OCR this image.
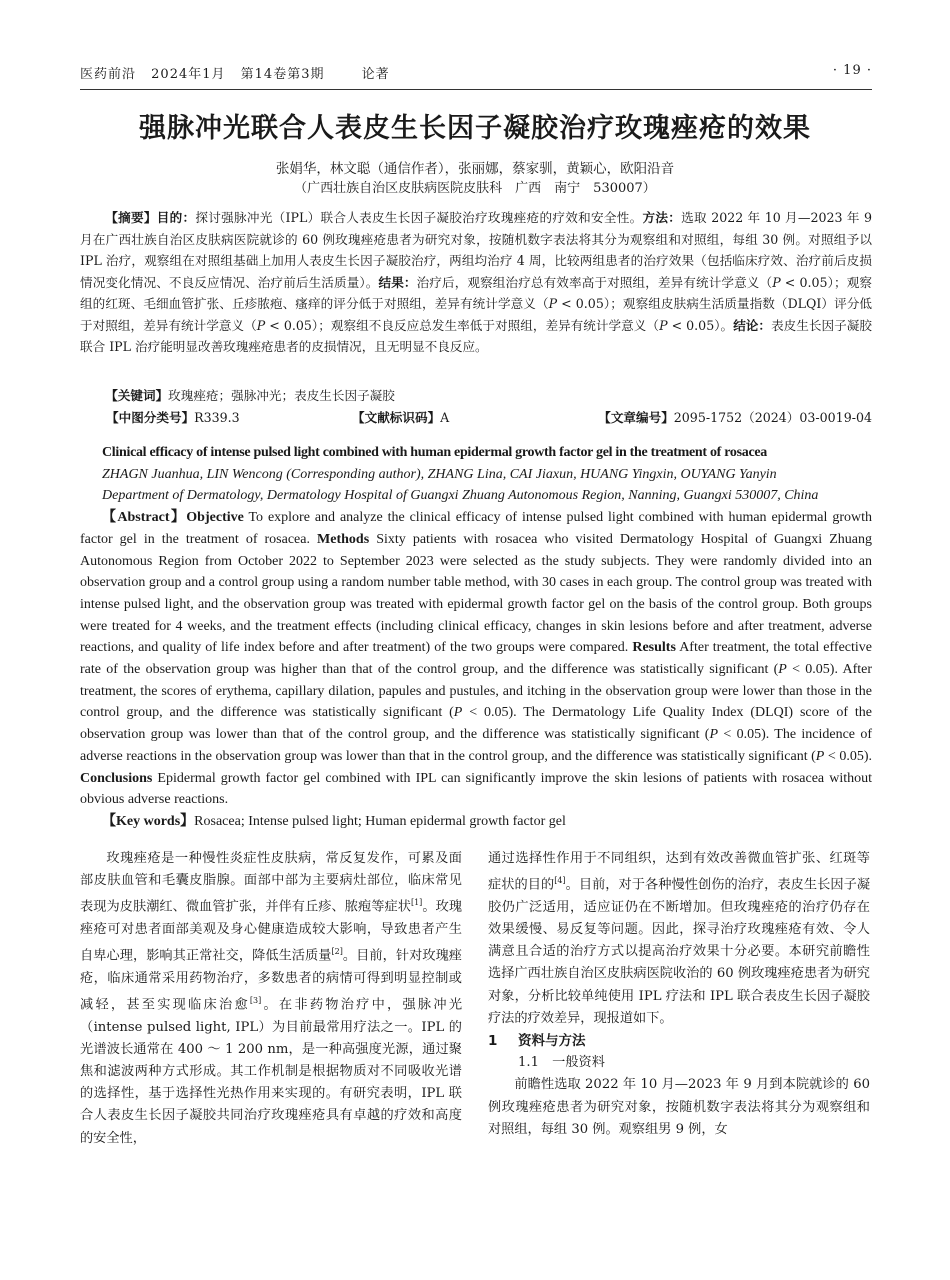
医药前沿 2024年1月 第14卷第3期	论著	· 19 ·
强脉冲光联合人表皮生长因子凝胶治疗玫瑰痤疮的效果
张娟华，林文聪（通信作者），张丽娜，蔡家驯，黄颖心，欧阳沿音
（广西壮族自治区皮肤病医院皮肤科　广西　南宁　530007）

【摘要】目的：探讨强脉冲光（IPL）联合人表皮生长因子凝胶治疗玫瑰痤疮的疗效和安全性。方法：选取 2022 年 10 月—2023 年 9 月在广西壮族自治区皮肤病医院就诊的 60 例玫瑰痤疮患者为研究对象，按随机数字表法将其分为观察组和对照组，每组 30 例。对照组予以 IPL 治疗，观察组在对照组基础上加用人表皮生长因子凝胶治疗，两组均治疗 4 周，比较两组患者的治疗效果（包括临床疗效、治疗前后皮损情况变化情况、不良反应情况、治疗前后生活质量）。结果：治疗后，观察组治疗总有效率高于对照组，差异有统计学意义（P < 0.05）；观察组的红斑、毛细血管扩张、丘疹脓疱、瘙痒的评分低于对照组，差异有统计学意义（P < 0.05）；观察组皮肤病生活质量指数（DLQI）评分低于对照组，差异有统计学意义（P < 0.05）；观察组不良反应总发生率低于对照组，差异有统计学意义（P < 0.05）。结论：表皮生长因子凝胶联合 IPL 治疗能明显改善玫瑰痤疮患者的皮损情况，且无明显不良反应。

【关键词】玫瑰痤疮；强脉冲光；表皮生长因子凝胶
【中图分类号】R339.3	【文献标识码】A	【文章编号】2095-1752（2024）03-0019-04
Clinical efficacy of intense pulsed light combined with human epidermal growth factor gel in the treatment of rosacea
ZHAGN Juanhua, LIN Wencong (Corresponding author), ZHANG Lina, CAI Jiaxun, HUANG Yingxin, OUYANG Yanyin
Department of Dermatology, Dermatology Hospital of Guangxi Zhuang Autonomous Region, Nanning, Guangxi 530007, China

【Abstract】Objective To explore and analyze the clinical efficacy of intense pulsed light combined with human epidermal growth factor gel in the treatment of rosacea. Methods Sixty patients with rosacea who visited Dermatology Hospital of Guangxi Zhuang Autonomous Region from October 2022 to September 2023 were selected as the study subjects. They were randomly divided into an observation group and a control group using a random number table method, with 30 cases in each group. The control group was treated with intense pulsed light, and the observation group was treated with epidermal growth factor gel on the basis of the control group. Both groups were treated for 4 weeks, and the treatment effects (including clinical efficacy, changes in skin lesions before and after treatment, adverse reactions, and quality of life index before and after treatment) of the two groups were compared. Results After treatment, the total effective rate of the observation group was higher than that of the control group, and the difference was statistically significant (P < 0.05). After treatment, the scores of erythema, capillary dilation, papules and pustules, and itching in the observation group were lower than those in the control group, and the difference was statistically significant (P < 0.05). The Dermatology Life Quality Index (DLQI) score of the observation group was lower than that of the control group, and the difference was statistically significant (P < 0.05). The incidence of adverse reactions in the observation group was lower than that in the control group, and the difference was statistically significant (P < 0.05). Conclusions Epidermal growth factor gel combined with IPL can significantly improve the skin lesions of patients with rosacea without obvious adverse reactions.

【Key words】Rosacea; Intense pulsed light; Human epidermal growth factor gel

玫瑰痤疮是一种慢性炎症性皮肤病，常反复发作，可累及面部皮肤血管和毛囊皮脂腺。面部中部为主要病灶部位，临床常见表现为皮肤潮红、微血管扩张，并伴有丘疹、脓疱等症状[1]。玫瑰痤疮可对患者面部美观及身心健康造成较大影响，导致患者产生自卑心理，影响其正常社交，降低生活质量[2]。目前，针对玫瑰痤疮，临床通常采用药物治疗，多数患者的病情可得到明显控制或减轻，甚至实现临床治愈[3]。在非药物治疗中，强脉冲光（intense pulsed light, IPL）为目前最常用疗法之一。IPL 的光谱波长通常在 400 ～ 1 200 nm，是一种高强度光源，通过聚焦和滤波两种方式形成。其工作机制是根据物质对不同吸收光谱的选择性，基于选择性光热作用来实现的。有研究表明，IPL 联合人表皮生长因子凝胶共同治疗玫瑰痤疮具有卓越的疗效和高度的安全性，

通过选择性作用于不同组织，达到有效改善微血管扩张、红斑等症状的目的[4]。目前，对于各种慢性创伤的治疗，表皮生长因子凝胶仍广泛适用，适应证仍在不断增加。但玫瑰痤疮的治疗仍存在效果缓慢、易反复等问题。因此，探寻治疗玫瑰痤疮有效、令人满意且合适的治疗方式以提高治疗效果十分必要。本研究前瞻性选择广西壮族自治区皮肤病医院收治的 60 例玫瑰痤疮患者为研究对象，分析比较单纯使用 IPL 疗法和 IPL 联合表皮生长因子凝胶疗法的疗效差异，现报道如下。

1 资料与方法

1.1　一般资料

前瞻性选取 2022 年 10 月—2023 年 9 月到本院就诊的 60 例玫瑰痤疮患者为研究对象，按随机数字表法将其分为观察组和对照组，每组 30 例。观察组男 9 例，女
